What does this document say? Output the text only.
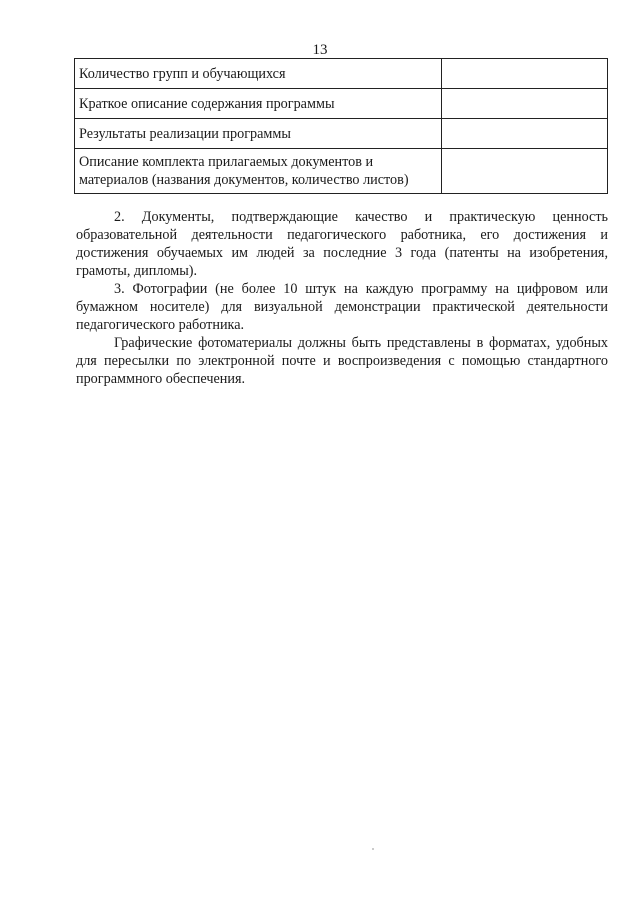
13
Количество групп и обучающихся	
Краткое описание содержания программы	
Результаты реализации программы	
Описание комплекта прилагаемых документов и материалов (названия документов, количество листов)	

2. Документы, подтверждающие качество и практическую ценность образовательной деятельности педагогического работника, его достижения и достижения обучаемых им людей за последние 3 года (патенты на изобретения, грамоты, дипломы).

3. Фотографии (не более 10 штук на каждую программу на цифровом или бумажном носителе) для визуальной демонстрации практической деятельности педагогического работника.

Графические фотоматериалы должны быть представлены в форматах, удобных для пересылки по электронной почте и воспроизведения с помощью стандартного программного обеспечения.
